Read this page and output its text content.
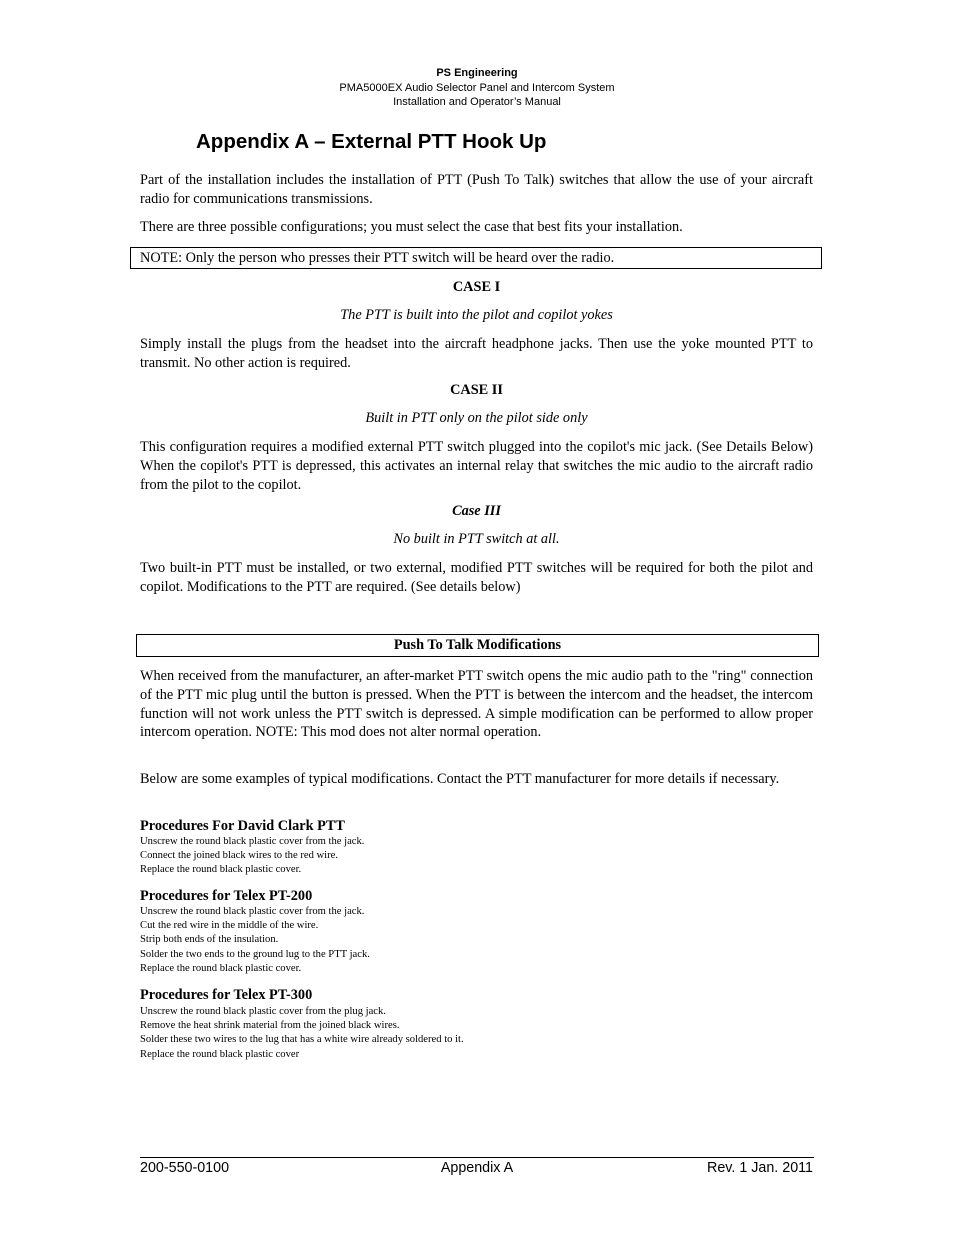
PS Engineering
PMA5000EX Audio Selector Panel and Intercom System
Installation and Operator’s Manual
Appendix A – External PTT Hook Up

Part of the installation includes the installation of PTT (Push To Talk) switches that allow the use of your aircraft radio for communications transmissions.

There are three possible configurations; you must select the case that best fits your installation.

NOTE: Only the person who presses their PTT switch will be heard over the radio.

CASE I

The PTT is built into the pilot and copilot yokes

Simply install the plugs from the headset into the aircraft headphone jacks. Then use the yoke mounted PTT to transmit. No other action is required.

CASE II

Built in PTT only on the pilot side only

This configuration requires a modified external PTT switch plugged into the copilot's mic jack. (See Details Below) When the copilot's PTT is depressed, this activates an internal relay that switches the mic audio to the aircraft radio from the pilot to the copilot.

Case III

No built in PTT switch at all.

Two built-in PTT must be installed, or two external, modified PTT switches will be required for both the pilot and copilot. Modifications to the PTT are required. (See details below)

Push To Talk Modifications

When received from the manufacturer, an after-market PTT switch opens the mic audio path to the "ring" connection of the PTT mic plug until the button is pressed. When the PTT is between the intercom and the headset, the intercom function will not work unless the PTT switch is depressed. A simple modification can be performed to allow proper intercom operation. NOTE: This mod does not alter normal operation.

Below are some examples of typical modifications. Contact the PTT manufacturer for more details if necessary.

Procedures For David Clark PTT

Unscrew the round black plastic cover from the jack.
Connect the joined black wires to the red wire.
Replace the round black plastic cover.

Procedures for Telex PT-200

Unscrew the round black plastic cover from the jack.
Cut the red wire in the middle of the wire.
Strip both ends of the insulation.
Solder the two ends to the ground lug to the PTT jack.
Replace the round black plastic cover.

Procedures for Telex PT-300

Unscrew the round black plastic cover from the plug jack.
Remove the heat shrink material from the joined black wires.
Solder these two wires to the lug that has a white wire already soldered to it.
Replace the round black plastic cover
200-550-0100	Appendix A	Rev. 1 Jan. 2011
